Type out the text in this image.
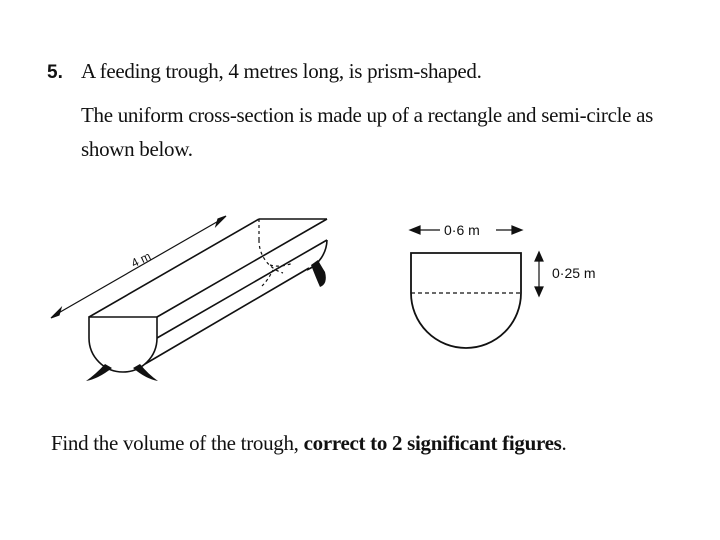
5. A feeding trough, 4 metres long, is prism-shaped.
The uniform cross-section is made up of a rectangle and semi-circle as
shown below.
4 m
0·6 m
0·25 m
Find the volume of the trough, correct to 2 significant figures.
